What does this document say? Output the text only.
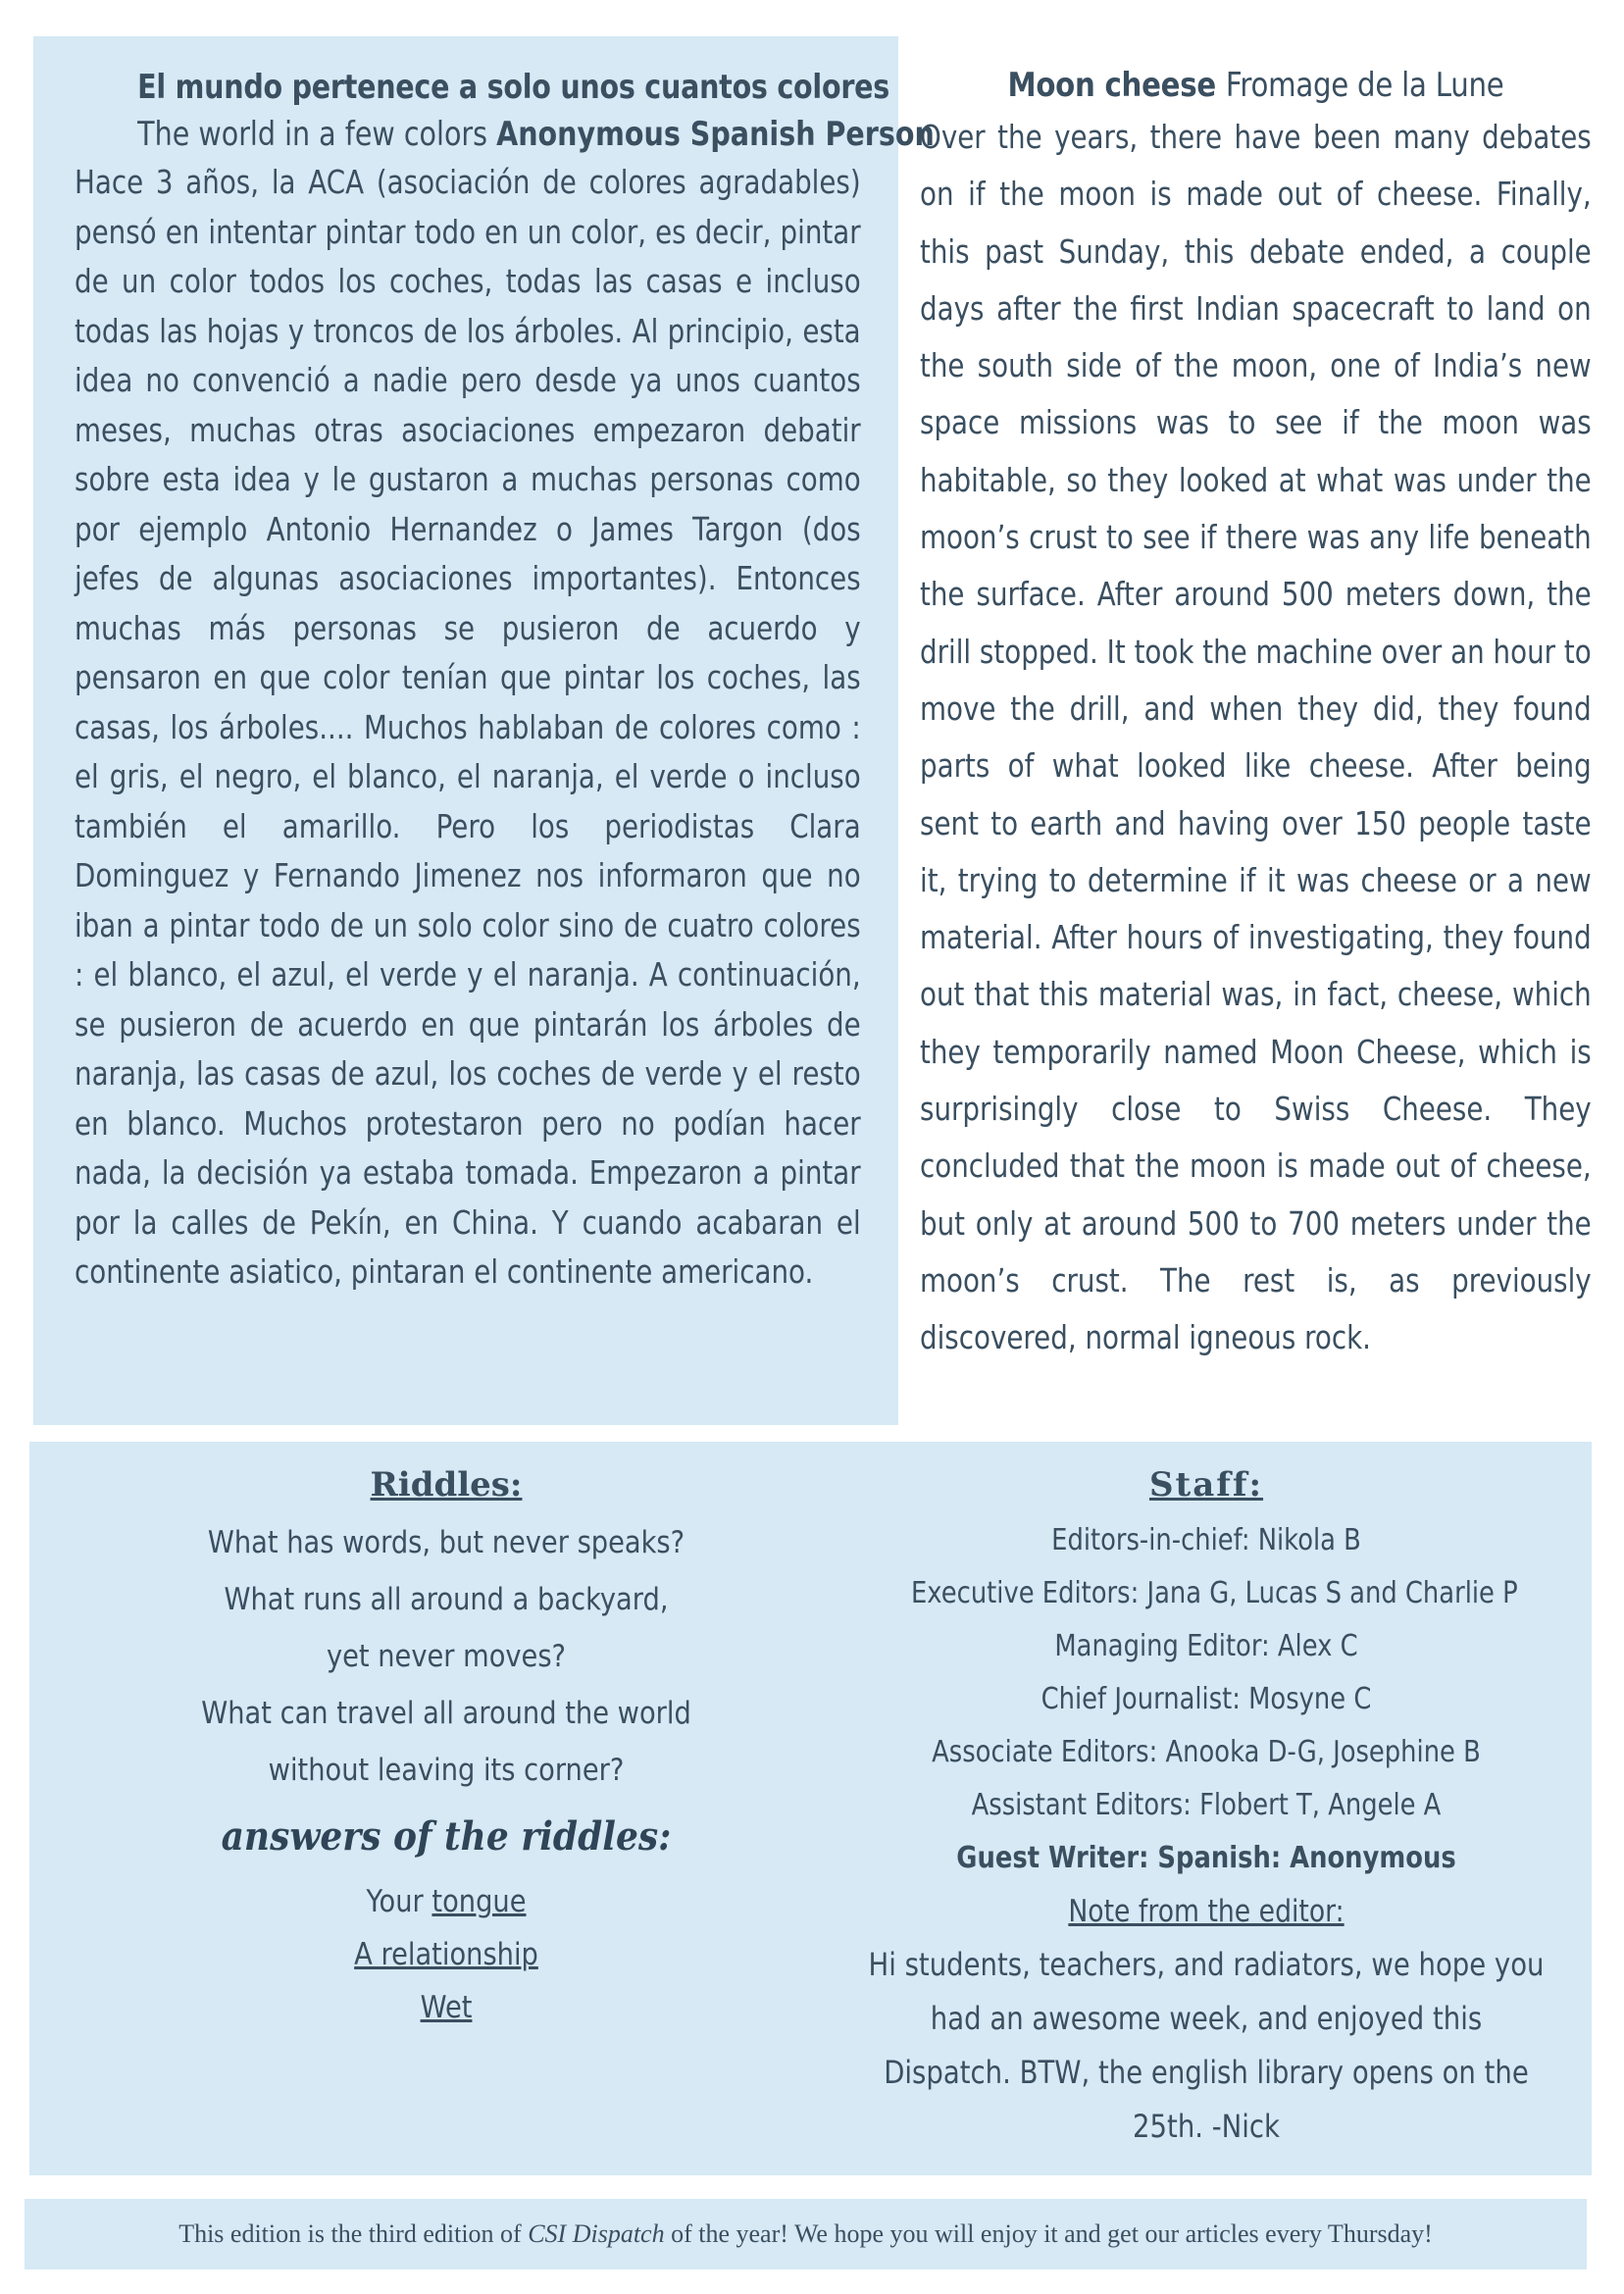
El mundo pertenece a solo unos cuantos colores
The world in a few colors Anonymous Spanish Person

Hace 3 años, la ACA (asociación de colores agradables) pensó en intentar pintar todo en un color, es decir, pintar de un color todos los coches, todas las casas e incluso todas las hojas y troncos de los árboles. Al principio, esta idea no convenció a nadie pero desde ya unos cuantos meses, muchas otras asociaciones empezaron debatir sobre esta idea y le gustaron a muchas personas como por ejemplo Antonio Hernandez o James Targon (dos jefes de algunas asociaciones importantes). Entonces muchas más personas se pusieron de acuerdo y pensaron en que color tenían que pintar los coches, las casas, los árboles.... Muchos hablaban de colores como : el gris, el negro, el blanco, el naranja, el verde o incluso también el amarillo. Pero los periodistas Clara Dominguez y Fernando Jimenez nos informaron que no iban a pintar todo de un solo color sino de cuatro colores : el blanco, el azul, el verde y el naranja. A continuación, se pusieron de acuerdo en que pintarán los árboles de naranja, las casas de azul, los coches de verde y el resto en blanco. Muchos protestaron pero no podían hacer nada, la decisión ya estaba tomada. Empezaron a pintar por la calles de Pekín, en China. Y cuando acabaran el continente asiatico, pintaran el continente americano.

Moon cheese Fromage de la Lune

Over the years, there have been many debates on if the moon is made out of cheese. Finally, this past Sunday, this debate ended, a couple days after the first Indian spacecraft to land on the south side of the moon, one of India’s new space missions was to see if the moon was habitable, so they looked at what was under the moon’s crust to see if there was any life beneath the surface. After around 500 meters down, the drill stopped. It took the machine over an hour to move the drill, and when they did, they found parts of what looked like cheese. After being sent to earth and having over 150 people taste it, trying to determine if it was cheese or a new material. After hours of investigating, they found out that this material was, in fact, cheese, which they temporarily named Moon Cheese, which is surprisingly close to Swiss Cheese. They concluded that the moon is made out of cheese, but only at around 500 to 700 meters under the moon’s crust. The rest is, as previously discovered, normal igneous rock.

Riddles:
What has words, but never speaks?
What runs all around a backyard, yet never moves?
What can travel all around the world without leaving its corner?
answers of the riddles:
Your tongue
A relationship
Wet
Staff:
Editors-in-chief: Nikola B
Executive Editors: Jana G, Lucas S and Charlie P
Managing Editor: Alex C
Chief Journalist: Mosyne C
Associate Editors: Anooka D-G, Josephine B
Assistant Editors: Flobert T, Angele A
Guest Writer: Spanish: Anonymous
Note from the editor:
Hi students, teachers, and radiators, we hope you had an awesome week, and enjoyed this Dispatch. BTW, the english library opens on the 25th. -Nick
This edition is the third edition of CSI Dispatch of the year! We hope you will enjoy it and get our articles every Thursday!
